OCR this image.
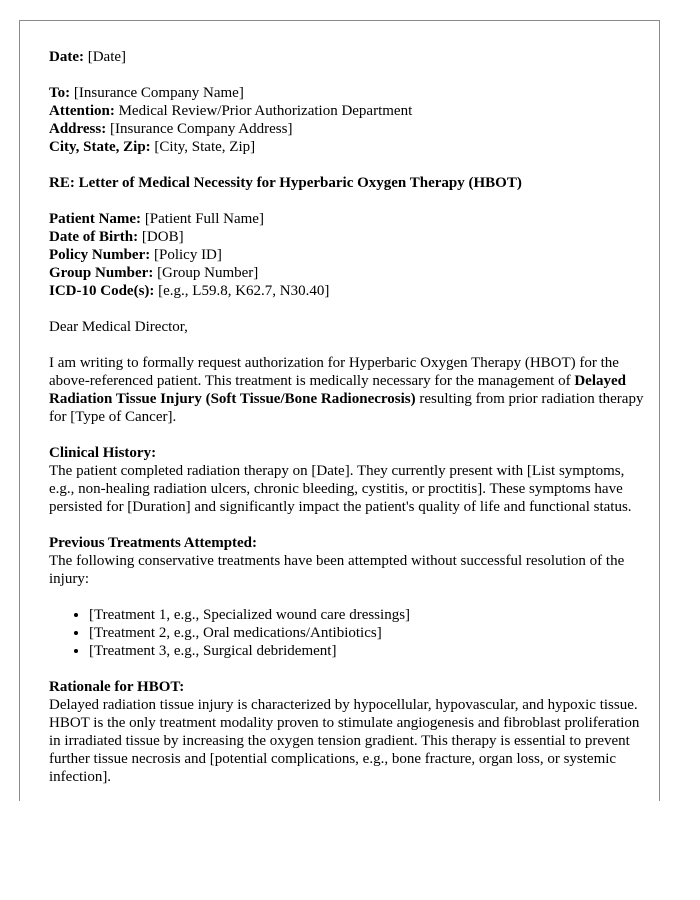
Date: [Date]
To: [Insurance Company Name]
Attention: Medical Review/Prior Authorization Department
Address: [Insurance Company Address]
City, State, Zip: [City, State, Zip]
RE: Letter of Medical Necessity for Hyperbaric Oxygen Therapy (HBOT)
Patient Name: [Patient Full Name]
Date of Birth: [DOB]
Policy Number: [Policy ID]
Group Number: [Group Number]
ICD-10 Code(s): [e.g., L59.8, K62.7, N30.40]
Dear Medical Director,

I am writing to formally request authorization for Hyperbaric Oxygen Therapy (HBOT) for the above-referenced patient. This treatment is medically necessary for the management of Delayed Radiation Tissue Injury (Soft Tissue/Bone Radionecrosis) resulting from prior radiation therapy for [Type of Cancer].

Clinical History:

The patient completed radiation therapy on [Date]. They currently present with [List symptoms, e.g., non-healing radiation ulcers, chronic bleeding, cystitis, or proctitis]. These symptoms have persisted for [Duration] and significantly impact the patient's quality of life and functional status.

Previous Treatments Attempted:

The following conservative treatments have been attempted without successful resolution of the injury:

• [Treatment 1, e.g., Specialized wound care dressings]
• [Treatment 2, e.g., Oral medications/Antibiotics]
• [Treatment 3, e.g., Surgical debridement]
Rationale for HBOT:

Delayed radiation tissue injury is characterized by hypocellular, hypovascular, and hypoxic tissue. HBOT is the only treatment modality proven to stimulate angiogenesis and fibroblast proliferation in irradiated tissue by increasing the oxygen tension gradient. This therapy is essential to prevent further tissue necrosis and [potential complications, e.g., bone fracture, organ loss, or systemic infection].
